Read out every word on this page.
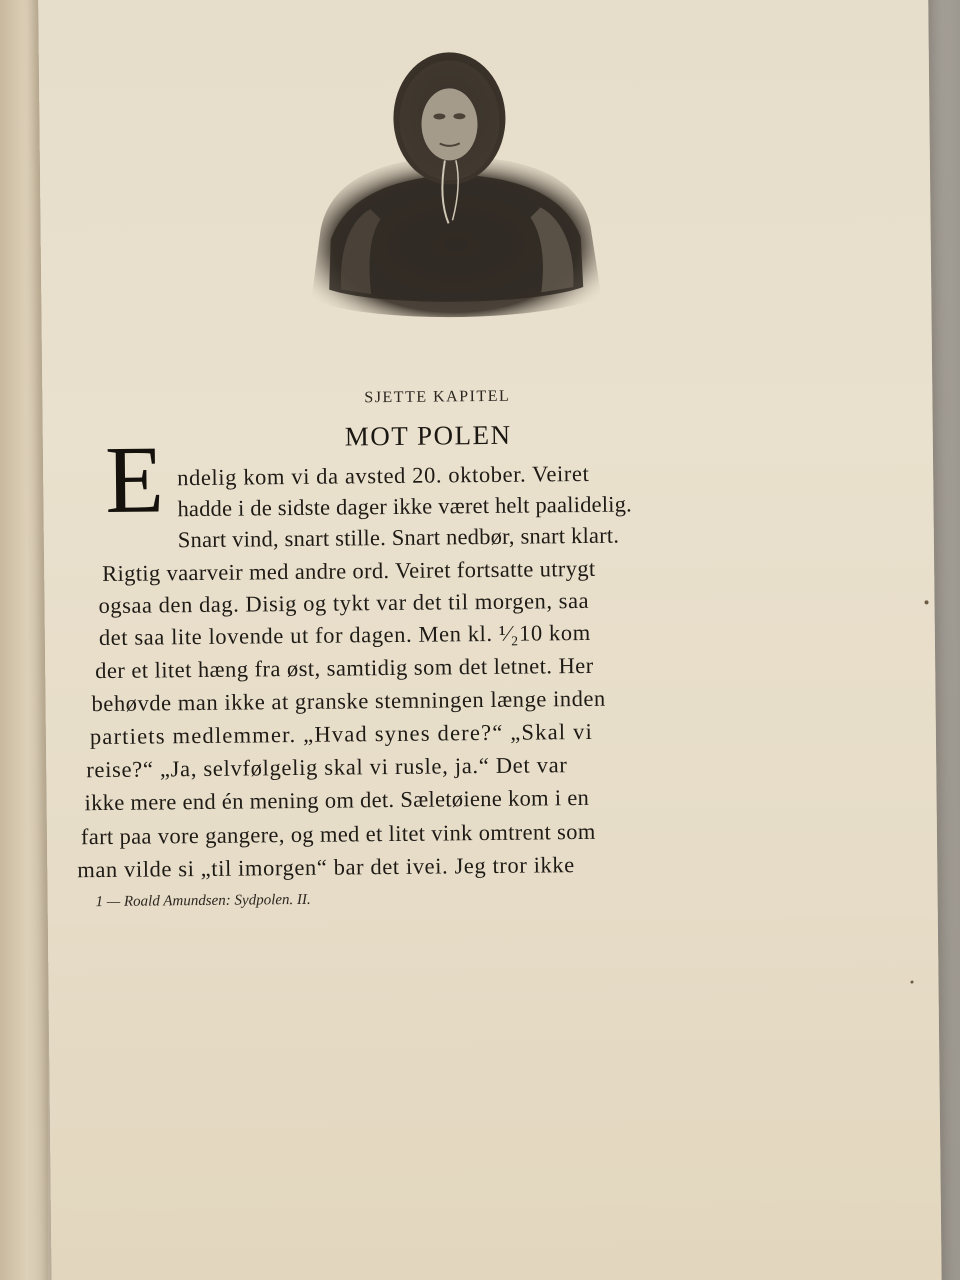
SJETTE KAPITEL
MOT POLEN
E ndelig kom vi da avsted 20. oktober. Veiret
hadde i de sidste dager ikke været helt paalidelig.
Snart vind, snart stille. Snart nedbør, snart klart.
Rigtig vaarveir med andre ord. Veiret fortsatte utrygt
ogsaa den dag. Disig og tykt var det til morgen, saa
det saa lite lovende ut for dagen. Men kl. ¹⁄₂10 kom
der et litet hæng fra øst, samtidig som det letnet. Her
behøvde man ikke at granske stemningen længe inden
partiets medlemmer. „Hvad synes dere?“ „Skal vi
reise?“ „Ja, selvfølgelig skal vi rusle, ja.“ Det var
ikke mere end én mening om det. Sæletøiene kom i en
fart paa vore gangere, og med et litet vink omtrent som
man vilde si „til imorgen“ bar det ivei. Jeg tror ikke
1 — Roald Amundsen: Sydpolen. II.
